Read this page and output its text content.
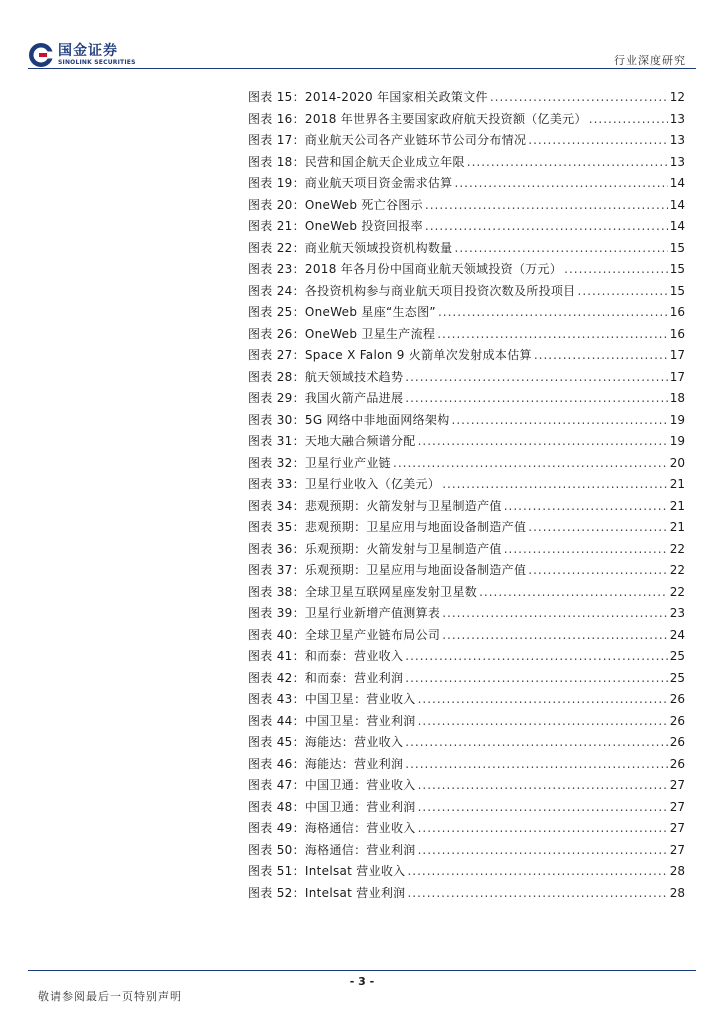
国金证券
SINOLINK SECURITIES	行业深度研究
图表 15：2014-2020 年国家相关政策文件 .....	12
图表 16：2018 年世界各主要国家政府航天投资额（亿美元） .....	13
图表 17：商业航天公司各产业链环节公司分布情况 .....	13
图表 18：民营和国企航天企业成立年限 .....	13
图表 19：商业航天项目资金需求估算 .....	14
图表 20：OneWeb 死亡谷图示 .....	14
图表 21：OneWeb 投资回报率 .....	14
图表 22：商业航天领域投资机构数量 .....	15
图表 23：2018 年各月份中国商业航天领域投资（万元） .....	15
图表 24：各投资机构参与商业航天项目投资次数及所投项目 .....	15
图表 25：OneWeb 星座“生态图” .....	16
图表 26：OneWeb 卫星生产流程 .....	16
图表 27：Space X Falon 9 火箭单次发射成本估算 .....	17
图表 28：航天领域技术趋势 .....	17
图表 29：我国火箭产品进展 .....	18
图表 30：5G 网络中非地面网络架构 .....	19
图表 31：天地大融合频谱分配 .....	19
图表 32：卫星行业产业链 .....	20
图表 33：卫星行业收入（亿美元） .....	21
图表 34：悲观预期：火箭发射与卫星制造产值 .....	21
图表 35：悲观预期：卫星应用与地面设备制造产值 .....	21
图表 36：乐观预期：火箭发射与卫星制造产值 .....	22
图表 37：乐观预期：卫星应用与地面设备制造产值 .....	22
图表 38：全球卫星互联网星座发射卫星数 .....	22
图表 39：卫星行业新增产值测算表 .....	23
图表 40：全球卫星产业链布局公司 .....	24
图表 41：和而泰：营业收入 .....	25
图表 42：和而泰：营业利润 .....	25
图表 43：中国卫星：营业收入 .....	26
图表 44：中国卫星：营业利润 .....	26
图表 45：海能达：营业收入 .....	26
图表 46：海能达：营业利润 .....	26
图表 47：中国卫通：营业收入 .....	27
图表 48：中国卫通：营业利润 .....	27
图表 49：海格通信：营业收入 .....	27
图表 50：海格通信：营业利润 .....	27
图表 51：Intelsat 营业收入 .....	28
图表 52：Intelsat 营业利润 .....	28
- 3 -
敬请参阅最后一页特别声明
